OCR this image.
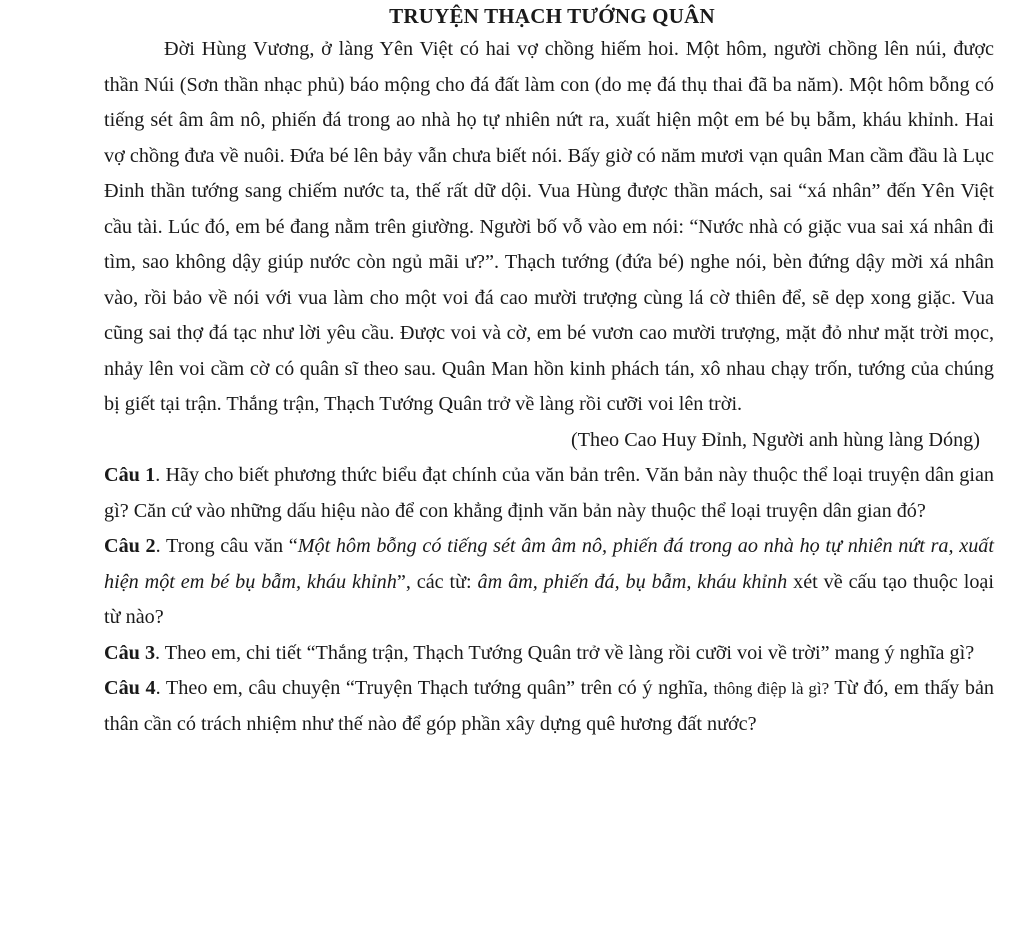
TRUYỆN THẠCH TƯỚNG QUÂN

Đời Hùng Vương, ở làng Yên Việt có hai vợ chồng hiếm hoi. Một hôm, người chồng lên núi, được thần Núi (Sơn thần nhạc phủ) báo mộng cho đá đất làm con (do mẹ đá thụ thai đã ba năm). Một hôm bỗng có tiếng sét âm âm nô, phiến đá trong ao nhà họ tự nhiên nứt ra, xuất hiện một em bé bụ bẫm, kháu khỉnh. Hai vợ chồng đưa về nuôi. Đứa bé lên bảy vẫn chưa biết nói. Bấy giờ có năm mươi vạn quân Man cầm đầu là Lục Đinh thần tướng sang chiếm nước ta, thế rất dữ dội. Vua Hùng được thần mách, sai “xá nhân” đến Yên Việt cầu tài. Lúc đó, em bé đang nằm trên giường. Người bố vỗ vào em nói: “Nước nhà có giặc vua sai xá nhân đi tìm, sao không dậy giúp nước còn ngủ mãi ư?”. Thạch tướng (đứa bé) nghe nói, bèn đứng dậy mời xá nhân vào, rồi bảo về nói với vua làm cho một voi đá cao mười trượng cùng lá cờ thiên để, sẽ dẹp xong giặc. Vua cũng sai thợ đá tạc như lời yêu cầu. Được voi và cờ, em bé vươn cao mười trượng, mặt đỏ như mặt trời mọc, nhảy lên voi cầm cờ có quân sĩ theo sau. Quân Man hồn kinh phách tán, xô nhau chạy trốn, tướng của chúng bị giết tại trận. Thắng trận, Thạch Tướng Quân trở về làng rồi cưỡi voi lên trời.

(Theo Cao Huy Đỉnh, Người anh hùng làng Dóng)

Câu 1. Hãy cho biết phương thức biểu đạt chính của văn bản trên. Văn bản này thuộc thể loại truyện dân gian gì? Căn cứ vào những dấu hiệu nào để con khẳng định văn bản này thuộc thể loại truyện dân gian đó?

Câu 2. Trong câu văn “Một hôm bỗng có tiếng sét âm âm nô, phiến đá trong ao nhà họ tự nhiên nứt ra, xuất hiện một em bé bụ bẫm, kháu khỉnh”, các từ: âm âm, phiến đá, bụ bẫm, kháu khỉnh xét về cấu tạo thuộc loại từ nào?

Câu 3. Theo em, chi tiết “Thắng trận, Thạch Tướng Quân trở về làng rồi cưỡi voi về trời” mang ý nghĩa gì?

Câu 4. Theo em, câu chuyện “Truyện Thạch tướng quân” trên có ý nghĩa, thông điệp là gì? Từ đó, em thấy bản thân cần có trách nhiệm như thế nào để góp phần xây dựng quê hương đất nước?
